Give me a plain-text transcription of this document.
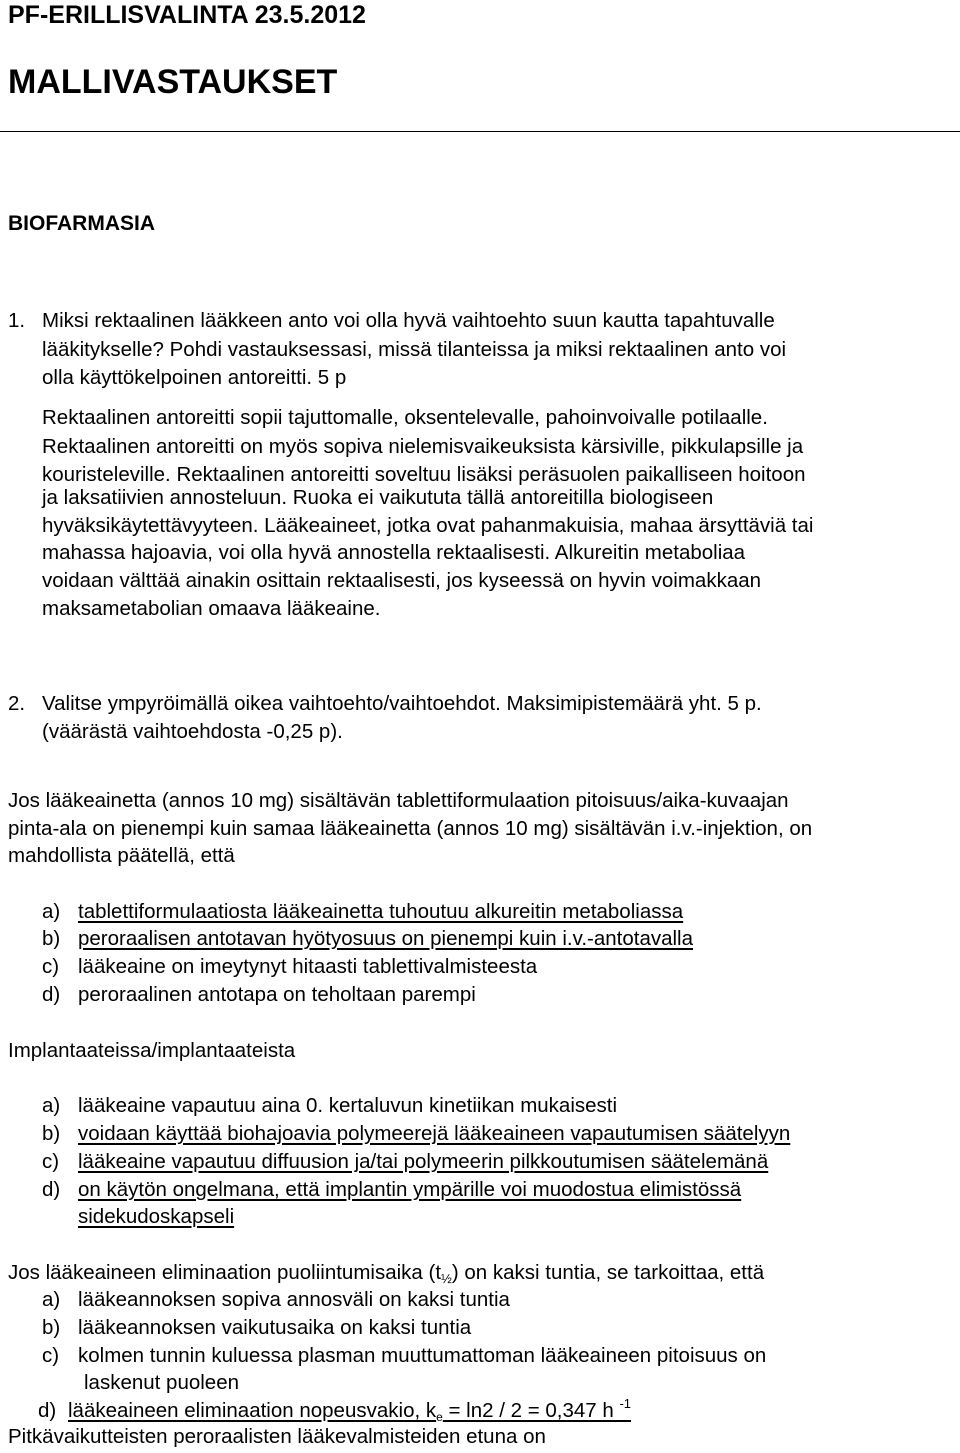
PF-ERILLISVALINTA 23.5.2012
MALLIVASTAUKSET
BIOFARMASIA
1. Miksi rektaalinen lääkkeen anto voi olla hyvä vaihtoehto suun kautta tapahtuvalle
lääkitykselle? Pohdi vastauksessasi, missä tilanteissa ja miksi rektaalinen anto voi
olla käyttökelpoinen antoreitti. 5 p
Rektaalinen antoreitti sopii tajuttomalle, oksentelevalle, pahoinvoivalle potilaalle.
Rektaalinen antoreitti on myös sopiva nielemisvaikeuksista kärsiville, pikkulapsille ja
kouristeleville. Rektaalinen antoreitti soveltuu lisäksi peräsuolen paikalliseen hoitoon
ja laksatiivien annosteluun. Ruoka ei vaikututa tällä antoreitilla biologiseen
hyväksikäytettävyyteen. Lääkeaineet, jotka ovat pahanmakuisia, mahaa ärsyttäviä tai
mahassa hajoavia, voi olla hyvä annostella rektaalisesti. Alkureitin metaboliaa
voidaan välttää ainakin osittain rektaalisesti, jos kyseessä on hyvin voimakkaan
maksametabolian omaava lääkeaine.
2. Valitse ympyröimällä oikea vaihtoehto/vaihtoehdot. Maksimipistemäärä yht. 5 p.
(väärästä vaihtoehdosta -0,25 p).
Jos lääkeainetta (annos 10 mg) sisältävän tablettiformulaation pitoisuus/aika-kuvaajan
pinta-ala on pienempi kuin samaa lääkeainetta (annos 10 mg) sisältävän i.v.-injektion, on
mahdollista päätellä, että
a) tablettiformulaatiosta lääkeainetta tuhoutuu alkureitin metaboliassa
b) peroraalisen antotavan hyötyosuus on pienempi kuin i.v.-antotavalla
c) lääkeaine on imeytynyt hitaasti tablettivalmisteesta
d) peroraalinen antotapa on teholtaan parempi
Implantaateissa/implantaateista
a) lääkeaine vapautuu aina 0. kertaluvun kinetiikan mukaisesti
b) voidaan käyttää biohajoavia polymeerejä lääkeaineen vapautumisen säätelyyn
c) lääkeaine vapautuu diffuusion ja/tai polymeerin pilkkoutumisen säätelemänä
d) on käytön ongelmana, että implantin ympärille voi muodostua elimistössä
sidekudoskapseli
Jos lääkeaineen eliminaation puoliintumisaika $(t_{\frac{1}{2}})$ on kaksi tuntia, se tarkoittaa, että
a) lääkeannoksen sopiva annosväli on kaksi tuntia
b) lääkeannoksen vaikutusaika on kaksi tuntia
c) kolmen tunnin kuluessa plasman muuttumattoman lääkeaineen pitoisuus on
laskenut puoleen
d) lääkeaineen eliminaation nopeusvakio, $k_e = \ln 2 / 2 = 0,347$ h $^{-1}$
Pitkävaikutteisten peroraalisten lääkevalmisteiden etuna on
